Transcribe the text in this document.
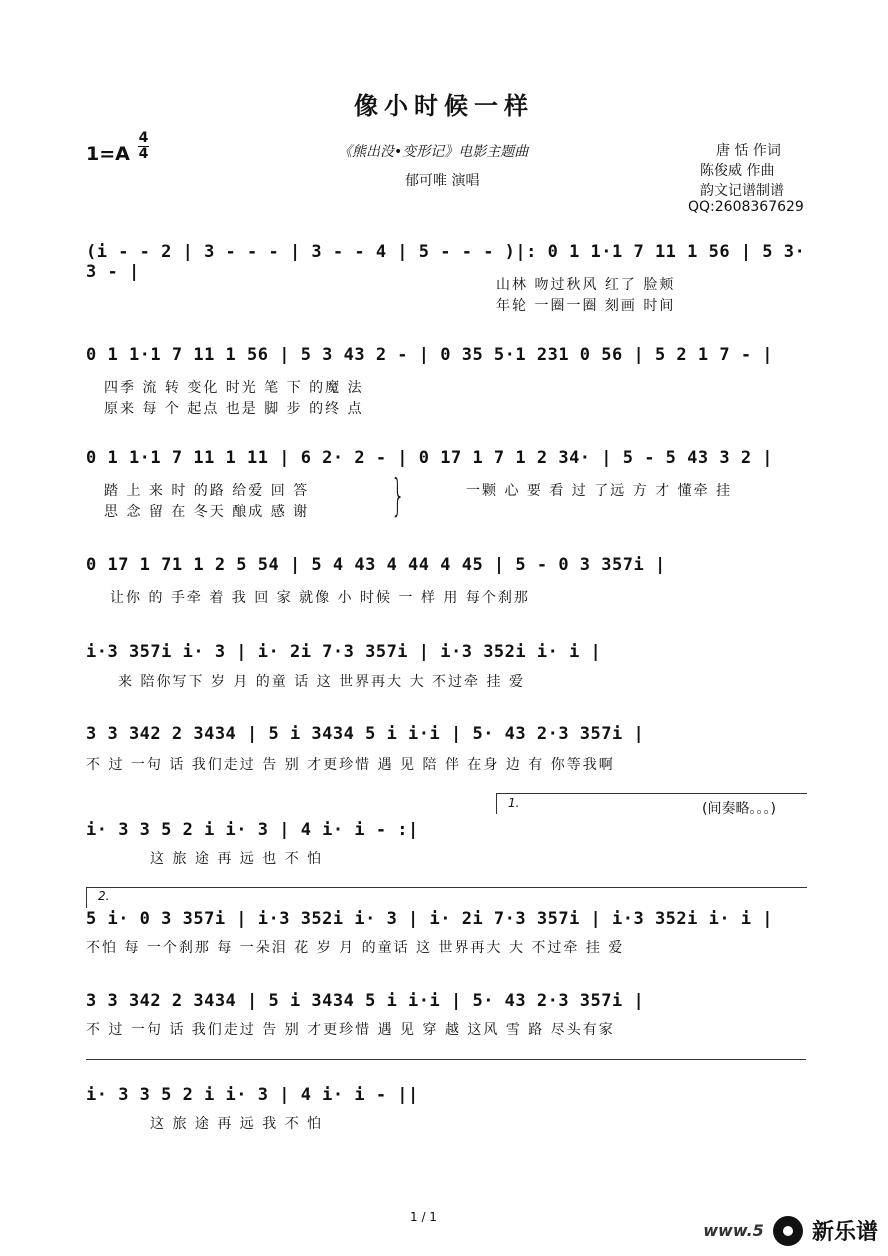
像小时候一样
1=A
4
4	《熊出没•变形记》电影主题曲
郁可唯 演唱
唐 恬 作词
陈俊威 作曲
韵文记谱制谱
QQ:2608367629
(i - - 2 | 3 - - - | 3 - - 4 | 5 - - - )|: 0 1 1·1 7 11 1 56 | 5 3· 3 - |
山林 吻过秋风 红了 脸颊
年轮 一圈一圈 刻画 时间
0 1 1·1 7 11 1 56 | 5 3 43 2 - | 0 35 5·1 231 0 56 | 5 2 1 7 - |
四季 流 转 变化 时光 笔 下 的魔 法
原来 每 个 起点 也是 脚 步 的终 点
0 1 1·1 7 11 1 11 | 6 2· 2 - | 0 17 1 7 1 2 34· | 5 - 5 43 3 2 |
踏 上 来 时 的路 给爱 回 答
思 念 留 在 冬天 酿成 感 谢 }	一颗 心 要 看 过 了远 方 才 懂牵 挂
0 17 1 71 1 2 5 54 | 5 4 43 4 44 4 45 | 5 - 0 3 357i |
让你 的 手牵 着 我 回 家 就像 小 时候 一 样 用 每个刹那
i·3 357i i· 3 | i· 2i 7·3 357i | i·3 352i i· i |
来 陪你写下 岁 月 的童 话 这 世界再大 大 不过牵 挂 爱
3 3 342 2 3434 | 5 i 3434 5 i i·i | 5· 43 2·3 357i |
不 过 一句 话 我们走过 告 别 才更珍惜 遇 见 陪 伴 在身 边 有 你等我啊
1.	(间奏略。。。)
i· 3 3 5 2 i i· 3 | 4 i· i - :|
这 旅 途 再 远 也 不 怕
2.
5 i· 0 3 357i | i·3 352i i· 3 | i· 2i 7·3 357i | i·3 352i i· i |
不怕 每 一个刹那 每 一朵泪 花 岁 月 的童话 这 世界再大 大 不过牵 挂 爱
3 3 342 2 3434 | 5 i 3434 5 i i·i | 5· 43 2·3 357i |
不 过 一句 话 我们走过 告 别 才更珍惜 遇 见 穿 越 这风 雪 路 尽头有家
i· 3 3 5 2 i i· 3 | 4 i· i - ||
这 旅 途 再 远 我 不 怕
1 / 1
www.5 新乐谱
